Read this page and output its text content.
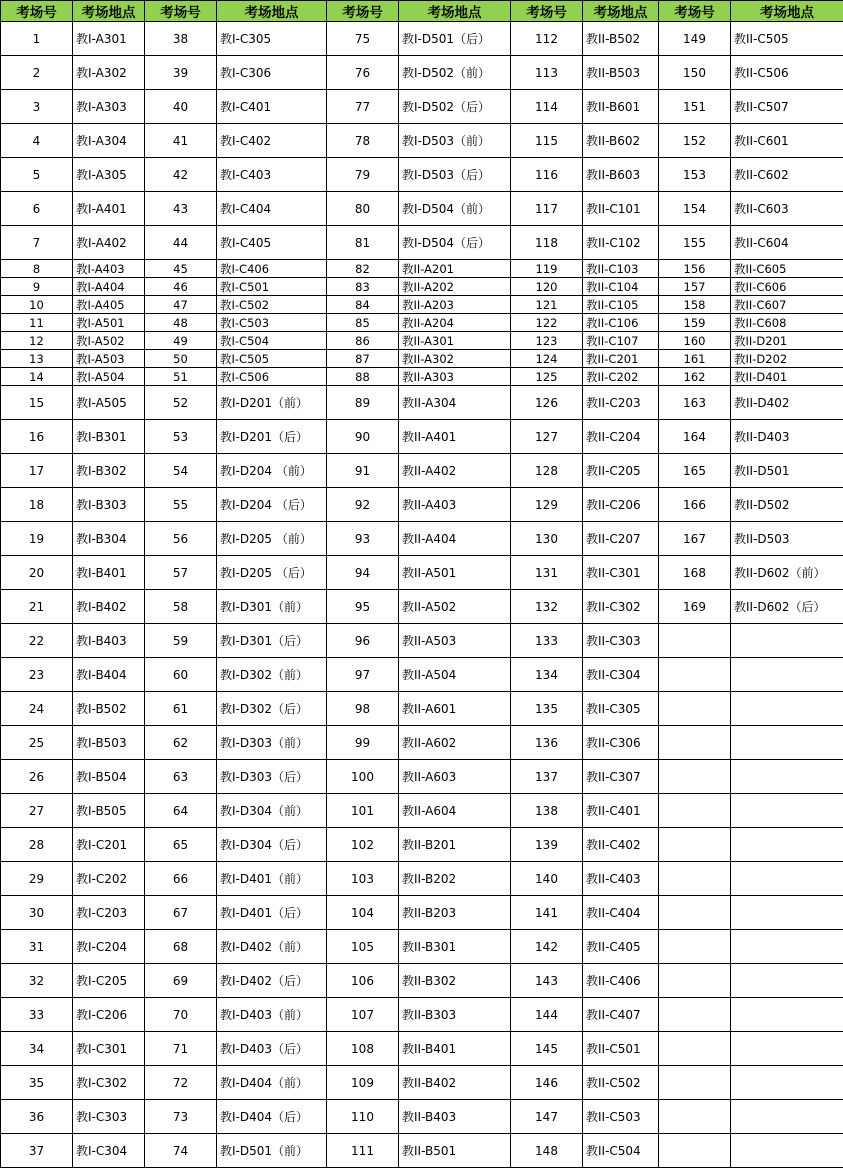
考场号	考场地点	考场号	考场地点	考场号	考场地点	考场号	考场地点	考场号	考场地点
1	教I-A301	38	教I-C305	75	教I-D501（后）	112	教II-B502	149	教II-C505
2	教I-A302	39	教I-C306	76	教I-D502（前）	113	教II-B503	150	教II-C506
3	教I-A303	40	教I-C401	77	教I-D502（后）	114	教II-B601	151	教II-C507
4	教I-A304	41	教I-C402	78	教I-D503（前）	115	教II-B602	152	教II-C601
5	教I-A305	42	教I-C403	79	教I-D503（后）	116	教II-B603	153	教II-C602
6	教I-A401	43	教I-C404	80	教I-D504（前）	117	教II-C101	154	教II-C603
7	教I-A402	44	教I-C405	81	教I-D504（后）	118	教II-C102	155	教II-C604
8	教I-A403	45	教I-C406	82	教II-A201	119	教II-C103	156	教II-C605
9	教I-A404	46	教I-C501	83	教II-A202	120	教II-C104	157	教II-C606
10	教I-A405	47	教I-C502	84	教II-A203	121	教II-C105	158	教II-C607
11	教I-A501	48	教I-C503	85	教II-A204	122	教II-C106	159	教II-C608
12	教I-A502	49	教I-C504	86	教II-A301	123	教II-C107	160	教II-D201
13	教I-A503	50	教I-C505	87	教II-A302	124	教II-C201	161	教II-D202
14	教I-A504	51	教I-C506	88	教II-A303	125	教II-C202	162	教II-D401
15	教I-A505	52	教I-D201（前）	89	教II-A304	126	教II-C203	163	教II-D402
16	教I-B301	53	教I-D201（后）	90	教II-A401	127	教II-C204	164	教II-D403
17	教I-B302	54	教I-D204 （前）	91	教II-A402	128	教II-C205	165	教II-D501
18	教I-B303	55	教I-D204 （后）	92	教II-A403	129	教II-C206	166	教II-D502
19	教I-B304	56	教I-D205 （前）	93	教II-A404	130	教II-C207	167	教II-D503
20	教I-B401	57	教I-D205 （后）	94	教II-A501	131	教II-C301	168	教II-D602（前）
21	教I-B402	58	教I-D301（前）	95	教II-A502	132	教II-C302	169	教II-D602（后）
22	教I-B403	59	教I-D301（后）	96	教II-A503	133	教II-C303		
23	教I-B404	60	教I-D302（前）	97	教II-A504	134	教II-C304		
24	教I-B502	61	教I-D302（后）	98	教II-A601	135	教II-C305		
25	教I-B503	62	教I-D303（前）	99	教II-A602	136	教II-C306		
26	教I-B504	63	教I-D303（后）	100	教II-A603	137	教II-C307		
27	教I-B505	64	教I-D304（前）	101	教II-A604	138	教II-C401		
28	教I-C201	65	教I-D304（后）	102	教II-B201	139	教II-C402		
29	教I-C202	66	教I-D401（前）	103	教II-B202	140	教II-C403		
30	教I-C203	67	教I-D401（后）	104	教II-B203	141	教II-C404		
31	教I-C204	68	教I-D402（前）	105	教II-B301	142	教II-C405		
32	教I-C205	69	教I-D402（后）	106	教II-B302	143	教II-C406		
33	教I-C206	70	教I-D403（前）	107	教II-B303	144	教II-C407		
34	教I-C301	71	教I-D403（后）	108	教II-B401	145	教II-C501		
35	教I-C302	72	教I-D404（前）	109	教II-B402	146	教II-C502		
36	教I-C303	73	教I-D404（后）	110	教II-B403	147	教II-C503		
37	教I-C304	74	教I-D501（前）	111	教II-B501	148	教II-C504		
